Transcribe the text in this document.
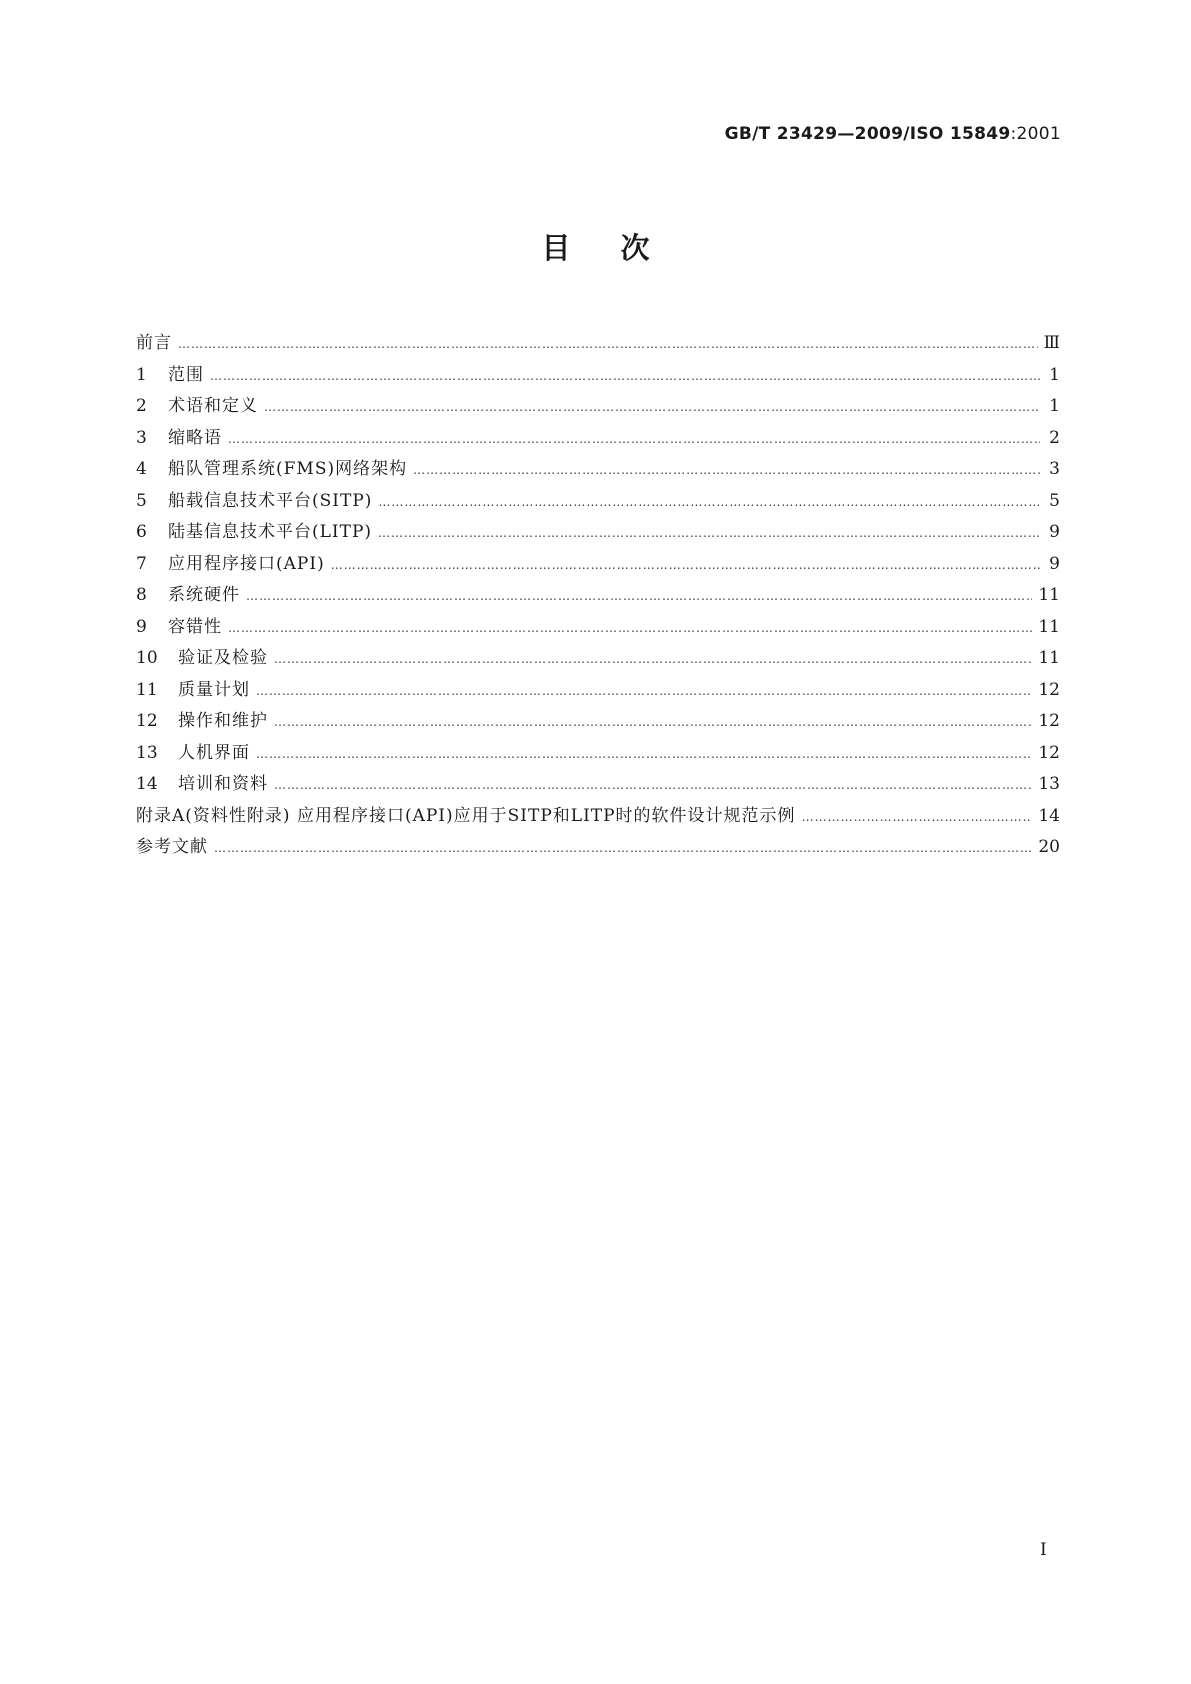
GB/T 23429—2009/ISO 15849:2001
目次
前言 …………………………………………………………………………………………………………………………………………………………………………………………………………	Ⅲ
1	范围 …………………………………………………………………………………………………………………………………………………………………………………………………………	1
2	术语和定义 …………………………………………………………………………………………………………………………………………………………………………………………………………	1
3	缩略语 …………………………………………………………………………………………………………………………………………………………………………………………………………	2
4	船队管理系统(FMS)网络架构 …………………………………………………………………………………………………………………………………………………………………………………………………………	3
5	船载信息技术平台(SITP) …………………………………………………………………………………………………………………………………………………………………………………………………………	5
6	陆基信息技术平台(LITP) …………………………………………………………………………………………………………………………………………………………………………………………………………	9
7	应用程序接口(API) …………………………………………………………………………………………………………………………………………………………………………………………………………	9
8	系统硬件 …………………………………………………………………………………………………………………………………………………………………………………………………………	11
9	容错性 …………………………………………………………………………………………………………………………………………………………………………………………………………	11
10	验证及检验 …………………………………………………………………………………………………………………………………………………………………………………………………………	11
11	质量计划 …………………………………………………………………………………………………………………………………………………………………………………………………………	12
12	操作和维护 …………………………………………………………………………………………………………………………………………………………………………………………………………	12
13	人机界面 …………………………………………………………………………………………………………………………………………………………………………………………………………	12
14	培训和资料 …………………………………………………………………………………………………………………………………………………………………………………………………………	13
附录A(资料性附录) 应用程序接口(API)应用于SITP和LITP时的软件设计规范示例 …………………………………………………………………………………………………………………………………………………………………………………………………………	14
参考文献 …………………………………………………………………………………………………………………………………………………………………………………………………………	20
Ⅰ
